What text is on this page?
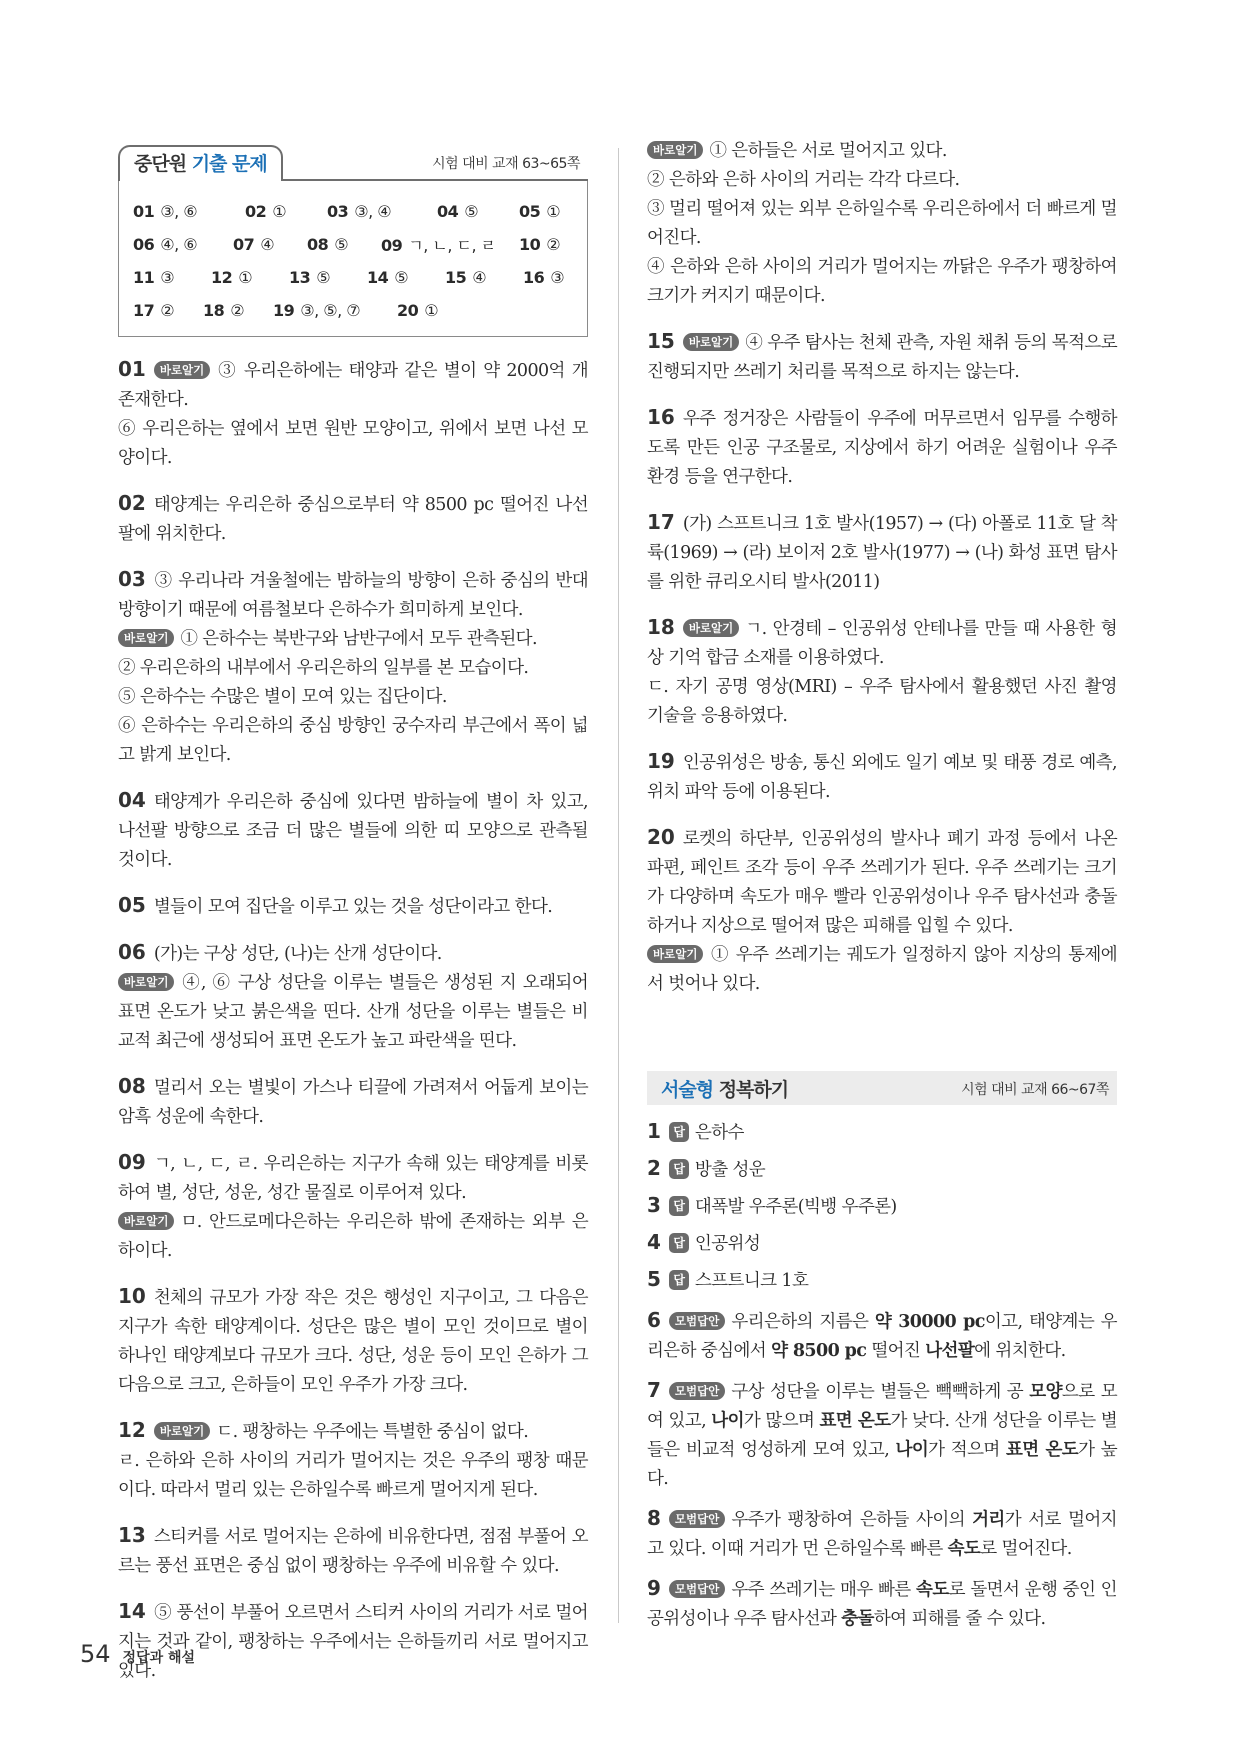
중단원 기출 문제	시험 대비 교재 63~65쪽
01 ③, ⑥	02 ①	03 ③, ④	04 ⑤	05 ①
06 ④, ⑥	07 ④	08 ⑤	09 ㄱ, ㄴ, ㄷ, ㄹ	10 ②
11 ③	12 ①	13 ⑤	14 ⑤	15 ④	16 ③
17 ②	18 ②	19 ③, ⑤, ⑦	20 ①

01 바로알기 ③ 우리은하에는 태양과 같은 별이 약 2000억 개 존재한다.

⑥ 우리은하는 옆에서 보면 원반 모양이고, 위에서 보면 나선 모양이다.

02 태양계는 우리은하 중심으로부터 약 8500 pc 떨어진 나선팔에 위치한다.

03 ③ 우리나라 겨울철에는 밤하늘의 방향이 은하 중심의 반대 방향이기 때문에 여름철보다 은하수가 희미하게 보인다.

바로알기 ① 은하수는 북반구와 남반구에서 모두 관측된다.

② 우리은하의 내부에서 우리은하의 일부를 본 모습이다.

⑤ 은하수는 수많은 별이 모여 있는 집단이다.

⑥ 은하수는 우리은하의 중심 방향인 궁수자리 부근에서 폭이 넓고 밝게 보인다.

04 태양계가 우리은하 중심에 있다면 밤하늘에 별이 차 있고, 나선팔 방향으로 조금 더 많은 별들에 의한 띠 모양으로 관측될 것이다.

05 별들이 모여 집단을 이루고 있는 것을 성단이라고 한다.

06 (가)는 구상 성단, (나)는 산개 성단이다.

바로알기 ④, ⑥ 구상 성단을 이루는 별들은 생성된 지 오래되어 표면 온도가 낮고 붉은색을 띤다. 산개 성단을 이루는 별들은 비교적 최근에 생성되어 표면 온도가 높고 파란색을 띤다.

08 멀리서 오는 별빛이 가스나 티끌에 가려져서 어둡게 보이는 암흑 성운에 속한다.

09 ㄱ, ㄴ, ㄷ, ㄹ. 우리은하는 지구가 속해 있는 태양계를 비롯하여 별, 성단, 성운, 성간 물질로 이루어져 있다.

바로알기 ㅁ. 안드로메다은하는 우리은하 밖에 존재하는 외부 은하이다.

10 천체의 규모가 가장 작은 것은 행성인 지구이고, 그 다음은 지구가 속한 태양계이다. 성단은 많은 별이 모인 것이므로 별이 하나인 태양계보다 규모가 크다. 성단, 성운 등이 모인 은하가 그 다음으로 크고, 은하들이 모인 우주가 가장 크다.

12 바로알기 ㄷ. 팽창하는 우주에는 특별한 중심이 없다.

ㄹ. 은하와 은하 사이의 거리가 멀어지는 것은 우주의 팽창 때문이다. 따라서 멀리 있는 은하일수록 빠르게 멀어지게 된다.

13 스티커를 서로 멀어지는 은하에 비유한다면, 점점 부풀어 오르는 풍선 표면은 중심 없이 팽창하는 우주에 비유할 수 있다.

14 ⑤ 풍선이 부풀어 오르면서 스티커 사이의 거리가 서로 멀어지는 것과 같이, 팽창하는 우주에서는 은하들끼리 서로 멀어지고 있다.

바로알기 ① 은하들은 서로 멀어지고 있다.

② 은하와 은하 사이의 거리는 각각 다르다.

③ 멀리 떨어져 있는 외부 은하일수록 우리은하에서 더 빠르게 멀어진다.

④ 은하와 은하 사이의 거리가 멀어지는 까닭은 우주가 팽창하여 크기가 커지기 때문이다.

15 바로알기 ④ 우주 탐사는 천체 관측, 자원 채취 등의 목적으로 진행되지만 쓰레기 처리를 목적으로 하지는 않는다.

16 우주 정거장은 사람들이 우주에 머무르면서 임무를 수행하도록 만든 인공 구조물로, 지상에서 하기 어려운 실험이나 우주 환경 등을 연구한다.

17 (가) 스프트니크 1호 발사(1957) → (다) 아폴로 11호 달 착륙(1969) → (라) 보이저 2호 발사(1977) → (나) 화성 표면 탐사를 위한 큐리오시티 발사(2011)

18 바로알기 ㄱ. 안경테 – 인공위성 안테나를 만들 때 사용한 형상 기억 합금 소재를 이용하였다.

ㄷ. 자기 공명 영상(MRI) – 우주 탐사에서 활용했던 사진 촬영 기술을 응용하였다.

19 인공위성은 방송, 통신 외에도 일기 예보 및 태풍 경로 예측, 위치 파악 등에 이용된다.

20 로켓의 하단부, 인공위성의 발사나 폐기 과정 등에서 나온 파편, 페인트 조각 등이 우주 쓰레기가 된다. 우주 쓰레기는 크기가 다양하며 속도가 매우 빨라 인공위성이나 우주 탐사선과 충돌하거나 지상으로 떨어져 많은 피해를 입힐 수 있다.

바로알기 ① 우주 쓰레기는 궤도가 일정하지 않아 지상의 통제에서 벗어나 있다.

서술형 정복하기	시험 대비 교재 66~67쪽
1 답 은하수
2 답 방출 성운
3 답 대폭발 우주론(빅뱅 우주론)
4 답 인공위성
5 답 스프트니크 1호
6 모범답안 우리은하의 지름은 약 30000 pc이고, 태양계는 우리은하 중심에서 약 8500 pc 떨어진 나선팔에 위치한다.
7 모범답안 구상 성단을 이루는 별들은 빽빽하게 공 모양으로 모여 있고, 나이가 많으며 표면 온도가 낮다. 산개 성단을 이루는 별들은 비교적 엉성하게 모여 있고, 나이가 적으며 표면 온도가 높다.
8 모범답안 우주가 팽창하여 은하들 사이의 거리가 서로 멀어지고 있다. 이때 거리가 먼 은하일수록 빠른 속도로 멀어진다.
9 모범답안 우주 쓰레기는 매우 빠른 속도로 돌면서 운행 중인 인공위성이나 우주 탐사선과 충돌하여 피해를 줄 수 있다.
54 정답과 해설
